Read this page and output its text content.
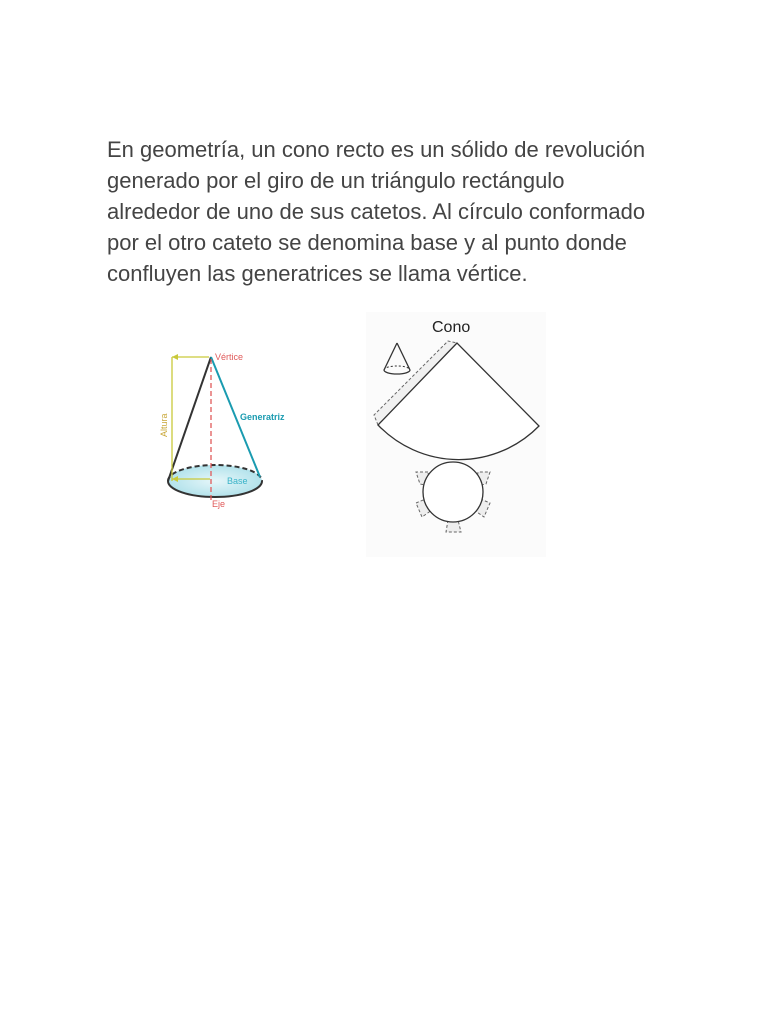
En geometría, un cono recto es un sólido de revolución
generado por el giro de un triángulo rectángulo
alrededor de uno de sus catetos. Al círculo conformado
por el otro cateto se denomina base y al punto donde
confluyen las generatrices se llama vértice.

Vértice
Generatriz
Altura
Base
Eje
Cono
